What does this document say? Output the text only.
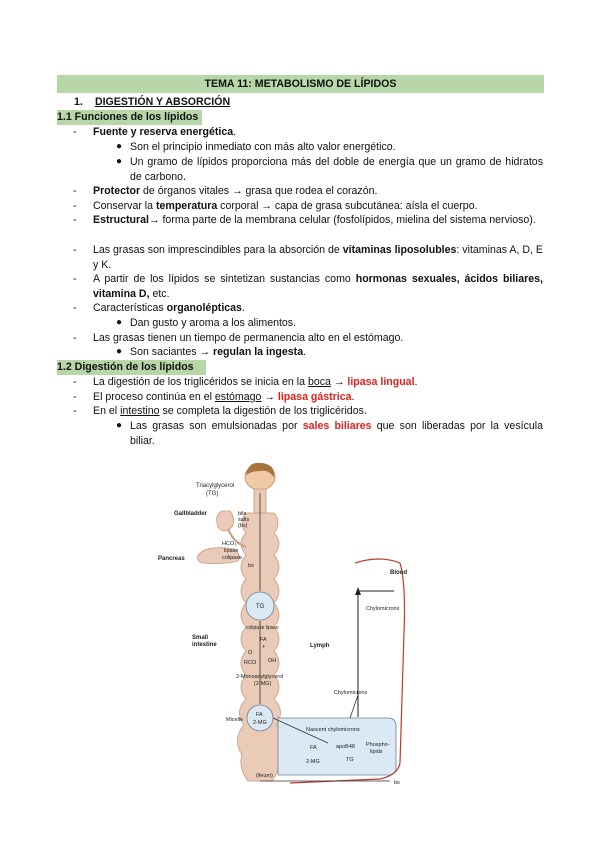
TEMA 11: METABOLISMO DE LÍPIDOS
1. DIGESTIÓN Y ABSORCIÓN
1.1 Funciones de los lípidos
- Fuente y reserva energética.
● Son el principio inmediato con más alto valor energético.
● Un gramo de lípidos proporciona más del doble de energía que un gramo de hidratos de carbono.
- Protector de órganos vitales → grasa que rodea el corazón.
- Conservar la temperatura corporal → capa de grasa subcutánea: aísla el cuerpo.
- Estructural→ forma parte de la membrana celular (fosfolípidos, mielina del sistema nervioso).
- Las grasas son imprescindibles para la absorción de vitaminas liposolubles: vitaminas A, D, E y K.
- A partir de los lípidos se sintetizan sustancias como hormonas sexuales, ácidos biliares, vitamina D, etc.
- Características organolépticas.
● Dan gusto y aroma a los alimentos.
- Las grasas tienen un tiempo de permanencia alto en el estómago.
● Son saciantes → regulan la ingesta.
1.2 Digestión de los lípidos
- La digestión de los triglicéridos se inicia en la boca → lipasa lingual.
- El proceso continúa en el estómago → lipasa gástrica.
- En el intestino se completa la digestión de los triglicéridos.
● Las grasas son emulsionadas por sales biliares que son liberadas por la vesícula biliar.
Triacylglycerol
(TG)
Gallbladder	bile
salts
(bs)
HCO₃⁻
lipase
colipase
Pancreas
bs
TG
colipase lipase
Small
intestine
FA
+
O
RCO OH
2-Monoacylglycerol
(2-MG)
Micelle
FA
2-MG
(ileum)
Lymph
Blood
Chylomicrons
Chylomicrons
Nascent chylomicrons
apoB48 Phospho-
lipids
TG
FA
2-MG
bs
